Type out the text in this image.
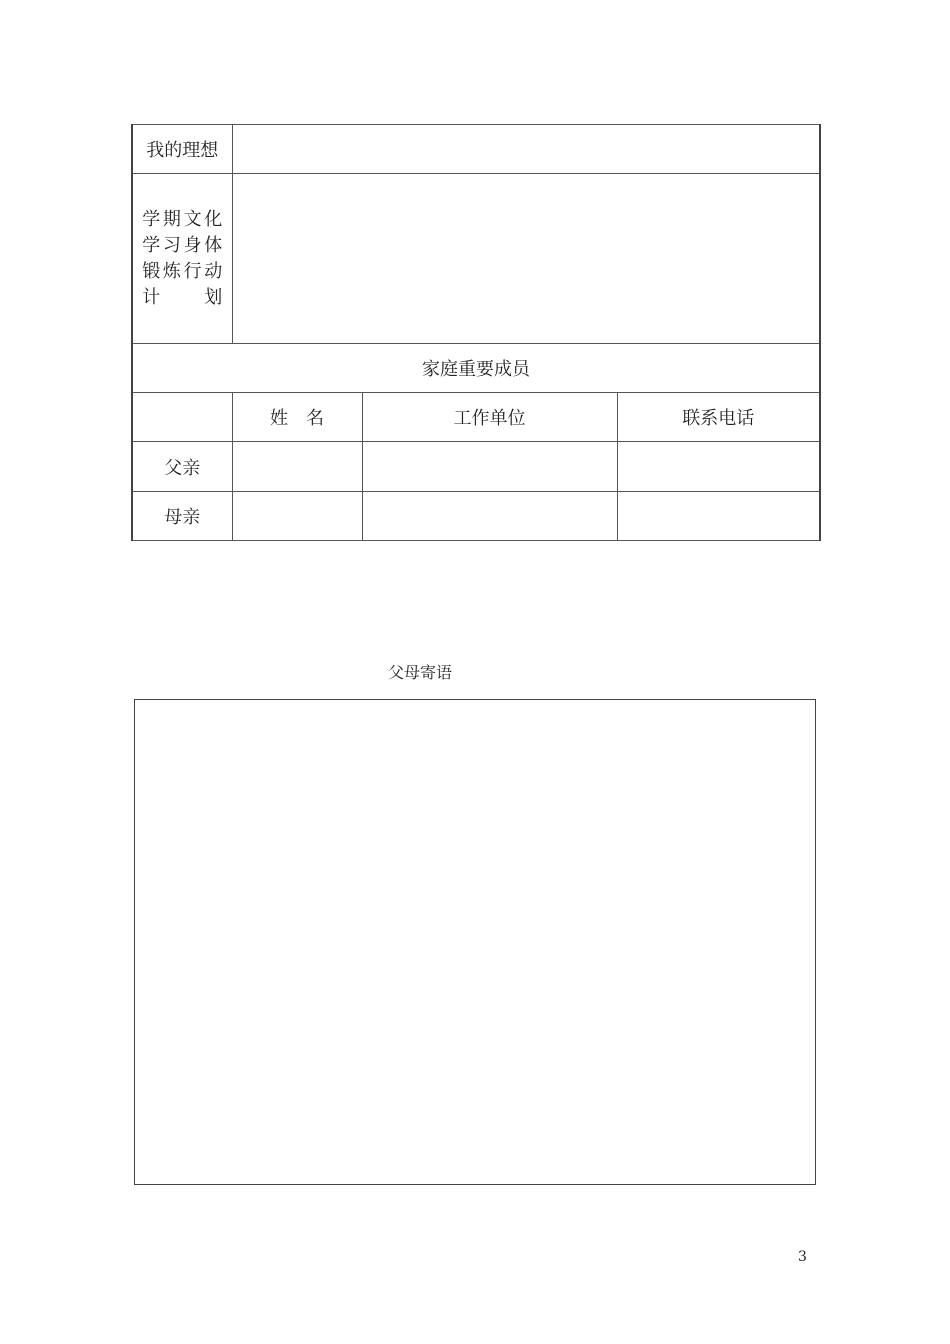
我的理想			

学期文化
学习身体
锻炼行动
计　　划			

家庭重要成员			
	姓　名	工作单位	联系电话
父亲			
母亲			
父母寄语
3
